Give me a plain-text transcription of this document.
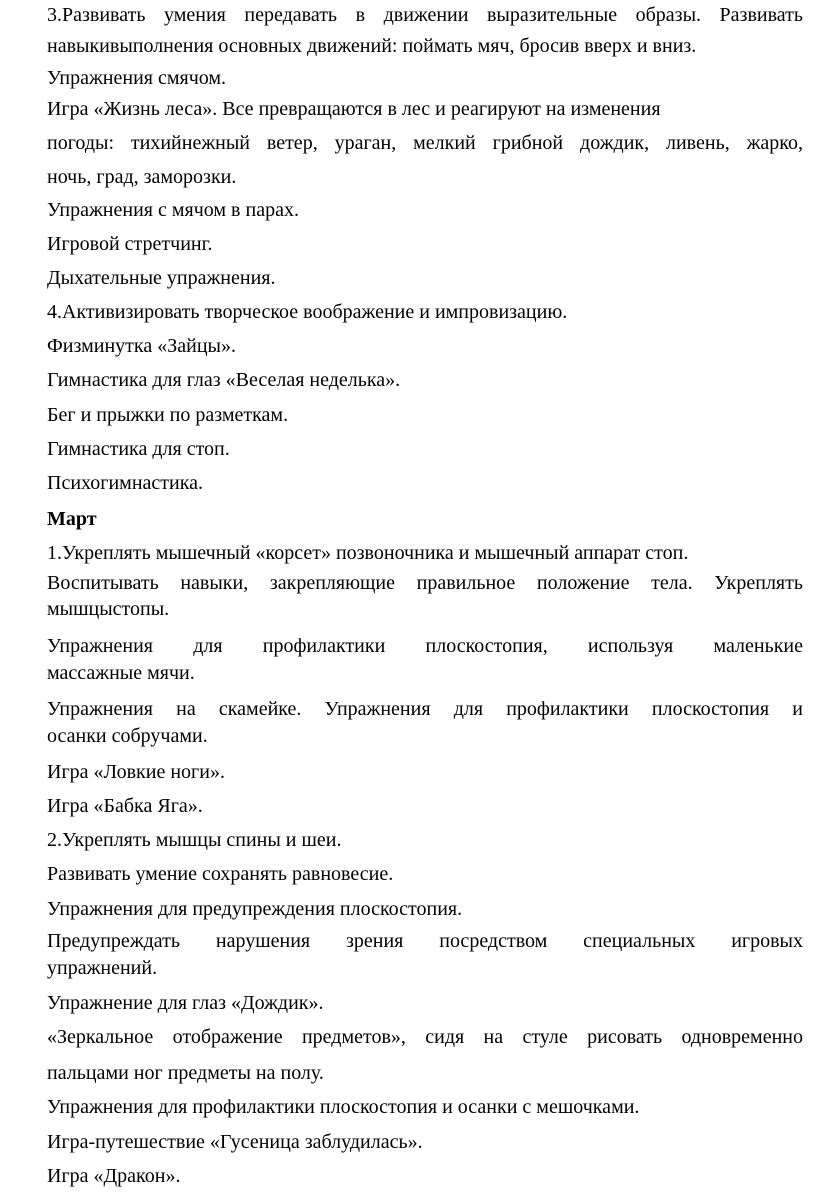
3.Развивать умения передавать в движении выразительные образы. Развивать
навыкивыполнения основных движений: поймать мяч, бросив вверх и вниз.
Упражнения смячом.
Игра «Жизнь леса». Все превращаются в лес и реагируют на изменения
погоды: тихийнежный ветер, ураган, мелкий грибной дождик, ливень, жарко,
ночь, град, заморозки.
Упражнения с мячом в парах.
Игровой стретчинг.
Дыхательные упражнения.
4.Активизировать творческое воображение и импровизацию.
Физминутка «Зайцы».
Гимнастика для глаз «Веселая неделька».
Бег и прыжки по разметкам.
Гимнастика для стоп.
Психогимнастика.
Март
1.Укреплять мышечный «корсет» позвоночника и мышечный аппарат стоп.
Воспитывать навыки, закрепляющие правильное положение тела. Укреплять
мышцыстопы.
Упражнения для профилактики плоскостопия, используя маленькие
массажные мячи.
Упражнения на скамейке. Упражнения для профилактики плоскостопия и
осанки собручами.
Игра «Ловкие ноги».
Игра «Бабка Яга».
2.Укреплять мышцы спины и шеи.
Развивать умение сохранять равновесие.
Упражнения для предупреждения плоскостопия.
Предупреждать нарушения зрения посредством специальных игровых
упражнений.
Упражнение для глаз «Дождик».
«Зеркальное отображение предметов», сидя на стуле рисовать одновременно
пальцами ног предметы на полу.
Упражнения для профилактики плоскостопия и осанки с мешочками.
Игра-путешествие «Гусеница заблудилась».
Игра «Дракон».
